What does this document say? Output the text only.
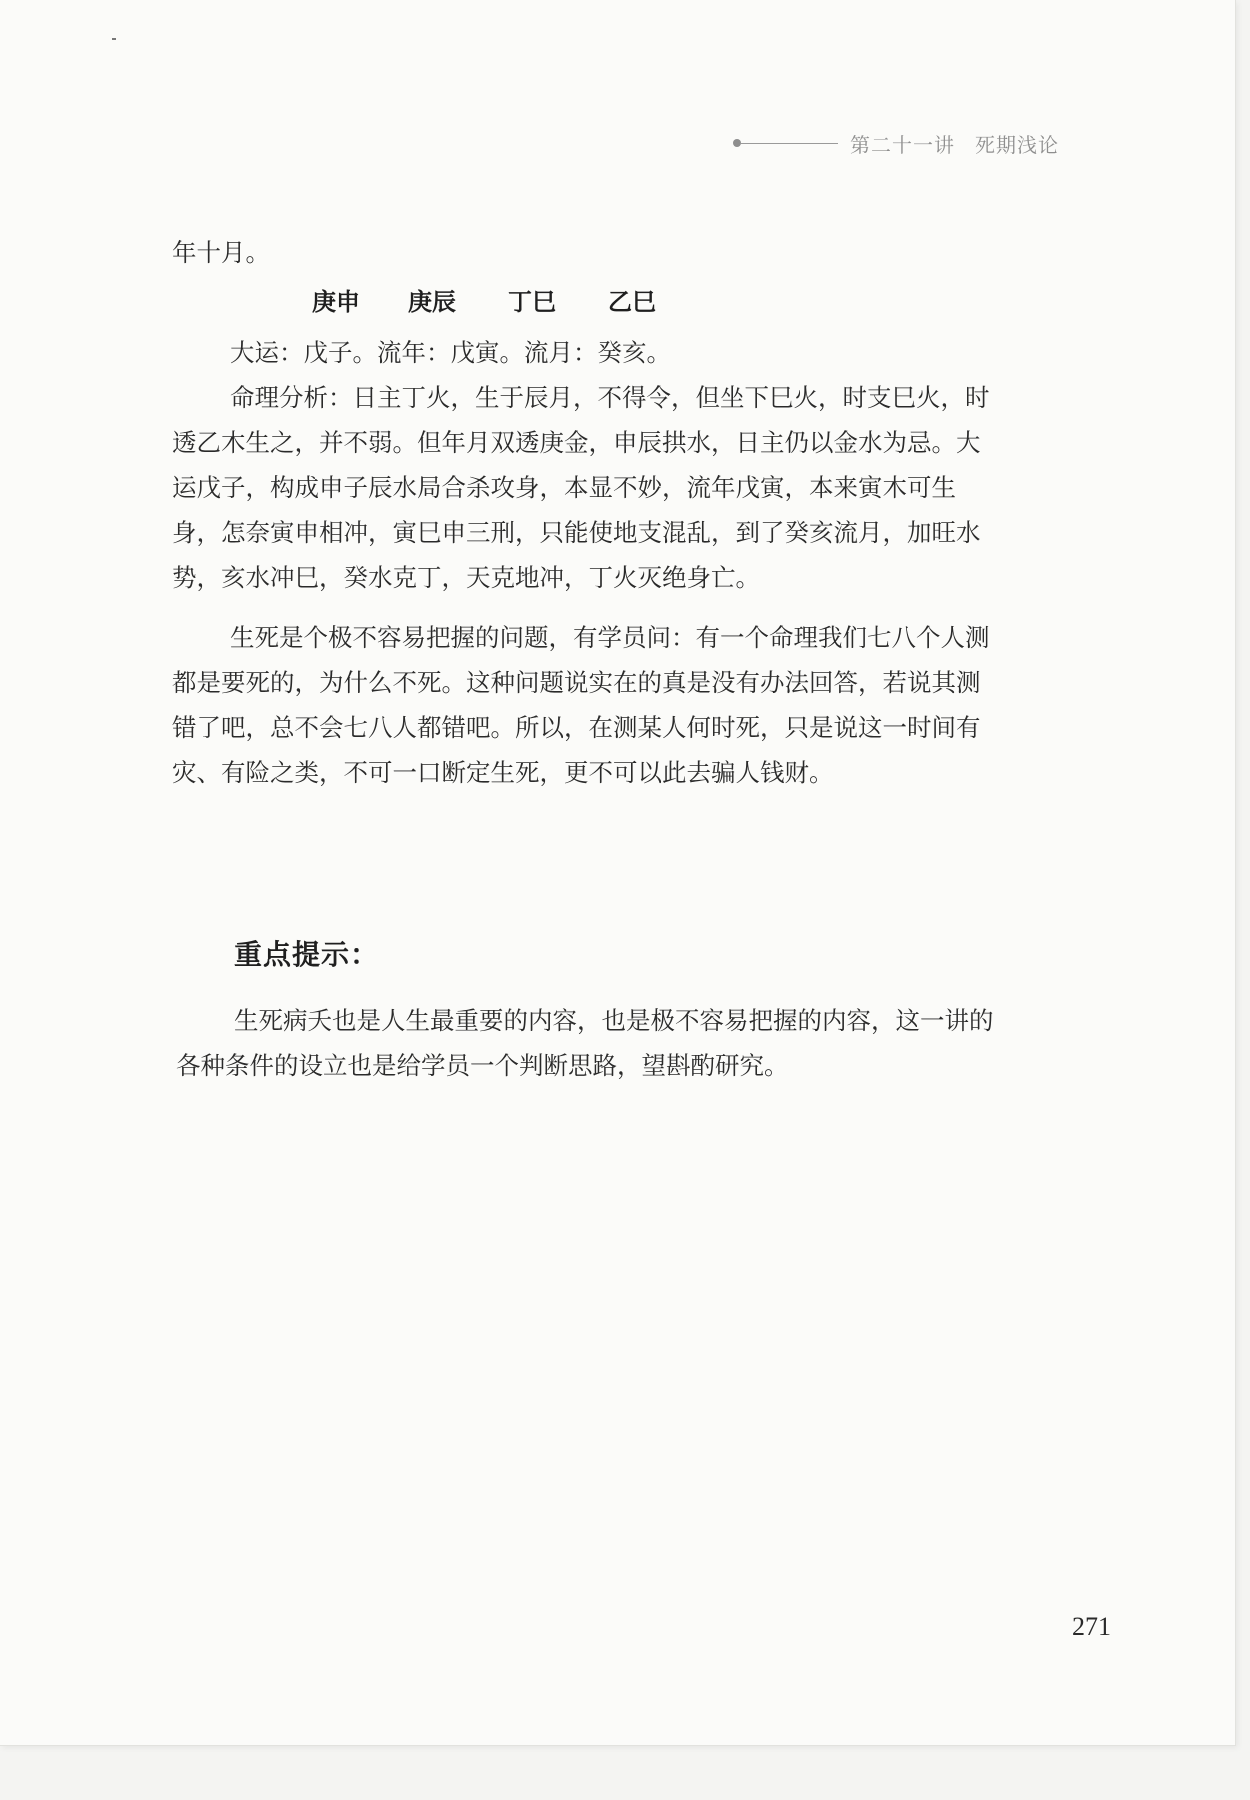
第二十一讲 死期浅论
年十月。
庚申	庚辰	丁巳	乙巳

大运：戊子。流年：戊寅。流月：癸亥。

命理分析：日主丁火，生于辰月，不得令，但坐下巳火，时支巳火，时

透乙木生之，并不弱。但年月双透庚金，申辰拱水，日主仍以金水为忌。大

运戊子，构成申子辰水局合杀攻身，本显不妙，流年戊寅，本来寅木可生

身，怎奈寅申相冲，寅巳申三刑，只能使地支混乱，到了癸亥流月，加旺水

势，亥水冲巳，癸水克丁，天克地冲，丁火灭绝身亡。

生死是个极不容易把握的问题，有学员问：有一个命理我们七八个人测

都是要死的，为什么不死。这种问题说实在的真是没有办法回答，若说其测

错了吧，总不会七八人都错吧。所以，在测某人何时死，只是说这一时间有

灾、有险之类，不可一口断定生死，更不可以此去骗人钱财。

重点提示：

生死病夭也是人生最重要的内容，也是极不容易把握的内容，这一讲的

各种条件的设立也是给学员一个判断思路，望斟酌研究。

271
